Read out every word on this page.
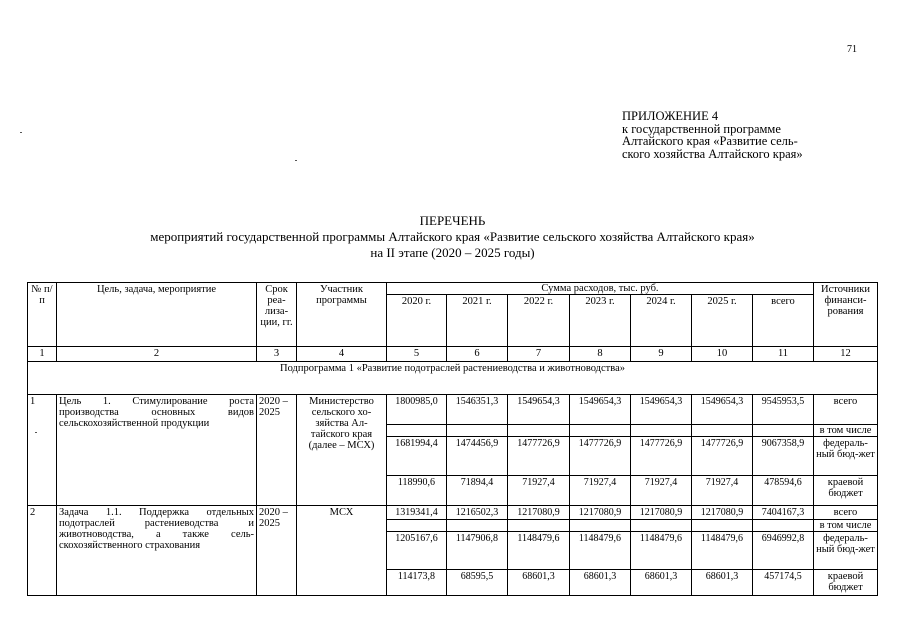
71
ПРИЛОЖЕНИЕ 4
к государственной программе
Алтайского края «Развитие сель-
ского хозяйства Алтайского края»
ПЕРЕЧЕНЬ
мероприятий государственной программы Алтайского края «Развитие сельского хозяйства Алтайского края»
на II этапе (2020 – 2025 годы)
№ п/п	Цель, задача, мероприятие	Срок реа-лиза-ции, гг.	Участник программы	Сумма расходов, тыс. руб.							Источники финанси-рования
				2020 г.	2021 г.	2022 г.	2023 г.	2024 г.	2025 г.	всего	
1	2	3	4	5	6	7	8	9	10	11	12
Подпрограмма 1 «Развитие подотраслей растениеводства и животноводства»											
1	Цель 1. Стимулирование роста производства основных видов сельскохозяйственной продукции	2020 – 2025	Министерство сельского хо-зяйства Ал-тайского края (далее – МСХ)	1800985,0	1546351,3	1549654,3	1549654,3	1549654,3	1549654,3	9545953,5	всего
											в том числе
				1681994,4	1474456,9	1477726,9	1477726,9	1477726,9	1477726,9	9067358,9	федераль-ный бюд-жет
				118990,6	71894,4	71927,4	71927,4	71927,4	71927,4	478594,6	краевой бюджет
2	Задача 1.1. Поддержка отдельных подотраслей растениеводства и животноводства, а также сель-скохозяйственного страхования	2020 – 2025	МСХ	1319341,4	1216502,3	1217080,9	1217080,9	1217080,9	1217080,9	7404167,3	всего
											в том числе
				1205167,6	1147906,8	1148479,6	1148479,6	1148479,6	1148479,6	6946992,8	федераль-ный бюд-жет
				114173,8	68595,5	68601,3	68601,3	68601,3	68601,3	457174,5	краевой бюджет
